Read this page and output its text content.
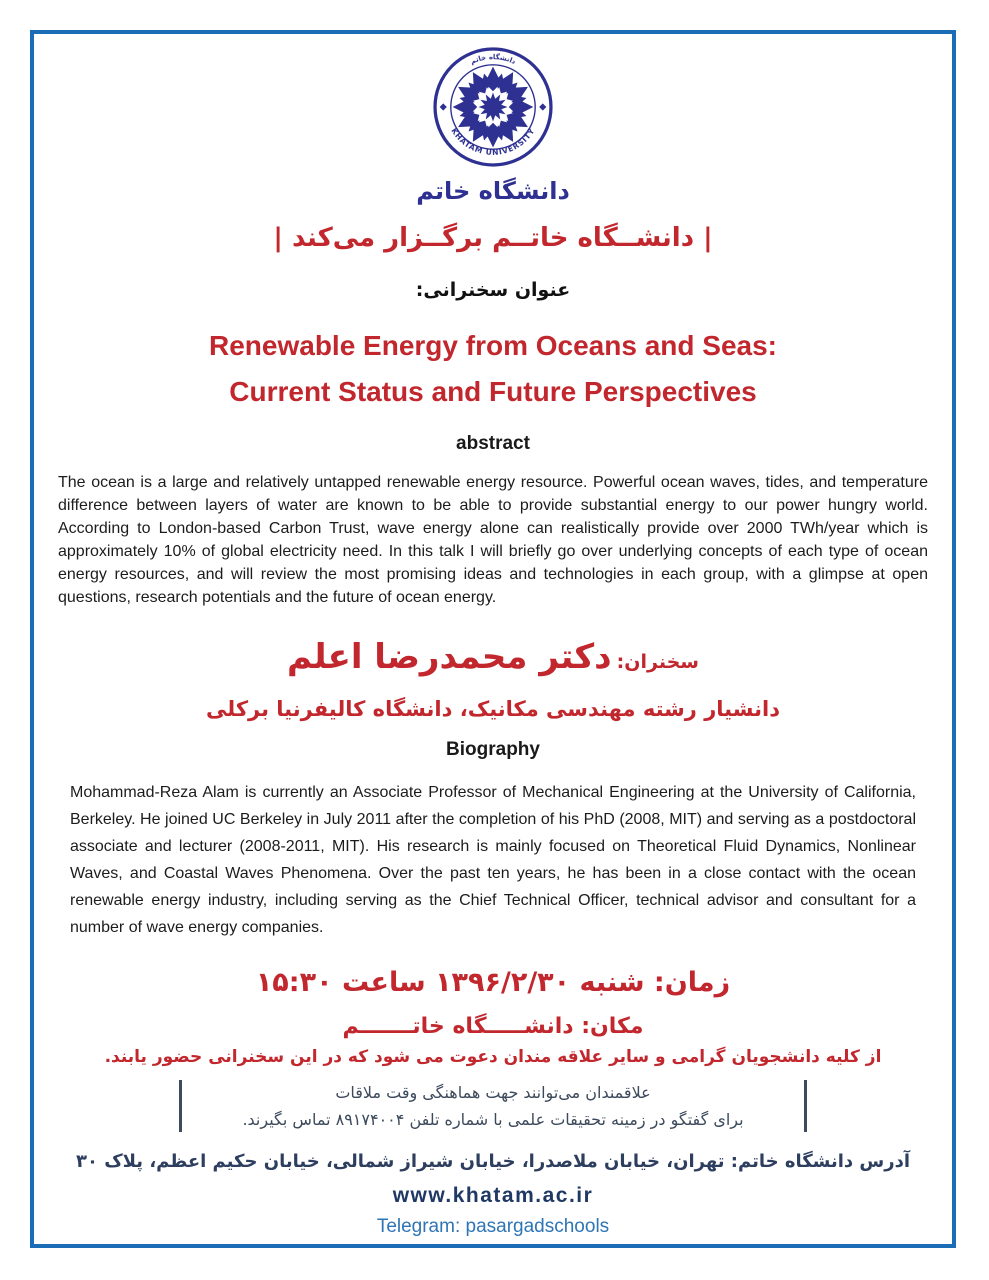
KHATAM UNIVERSITY
دانشگاه خاتم
دانشگاه خاتم
| دانشــگاه خاتــم برگــزار می‌کند |
عنوان سخنرانی:
Renewable Energy from Oceans and Seas:
Current Status and Future Perspectives
abstract
The ocean is a large and relatively untapped renewable energy resource. Powerful ocean waves, tides, and temperature difference between layers of water are known to be able to provide substantial energy to our power hungry world. According to London-based Carbon Trust, wave energy alone can realistically provide over 2000 TWh/year which is approximately 10% of global electricity need. In this talk I will briefly go over underlying concepts of each type of ocean energy resources, and will review the most promising ideas and technologies in each group, with a glimpse at open questions, research potentials and the future of ocean energy.
سخنران: دکتر محمدرضا اعلم
دانشیار رشته مهندسی مکانیک، دانشگاه کالیفرنیا برکلی
Biography
Mohammad-Reza Alam is currently an Associate Professor of Mechanical Engineering at the University of California, Berkeley. He joined UC Berkeley in July 2011 after the completion of his PhD (2008, MIT) and serving as a postdoctoral associate and lecturer (2008-2011, MIT). His research is mainly focused on Theoretical Fluid Dynamics, Nonlinear Waves, and Coastal Waves Phenomena. Over the past ten years, he has been in a close contact with the ocean renewable energy industry, including serving as the Chief Technical Officer, technical advisor and consultant for a number of wave energy companies.
زمان: شنبه ۱۳۹۶/۲/۳۰ ساعت ۱۵:۳۰
مکان: دانشـــــگاه خاتـــــــم
از کلیه دانشجویان گرامی و سایر علاقه مندان دعوت می شود که در این سخنرانی حضور یابند.
علاقمندان می‌توانند جهت هماهنگی وقت ملاقات
برای گفتگو در زمینه تحقیقات علمی با شماره تلفن ۸۹۱۷۴۰۰۴ تماس بگیرند.
آدرس دانشگاه خاتم: تهران، خیابان ملاصدرا، خیابان شیراز شمالی، خیابان حکیم اعظم، پلاک ۳۰
www.khatam.ac.ir
Telegram: pasargadschools
